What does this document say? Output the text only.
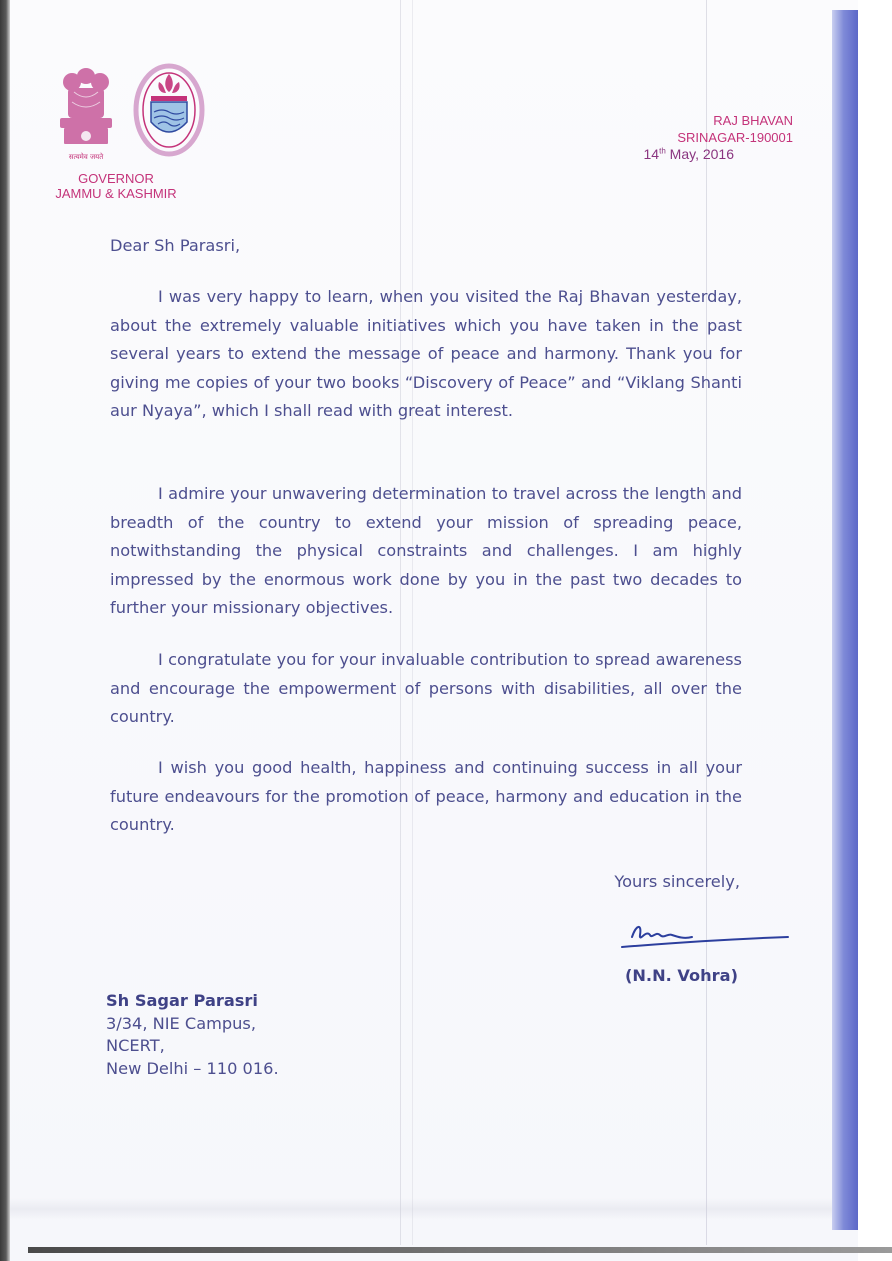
सत्यमेव जयते
GOVERNOR
JAMMU & KASHMIR
RAJ BHAVAN
SRINAGAR-190001
14th May, 2016
Dear Sh Parasri,
I was very happy to learn, when you visited the Raj Bhavan yesterday, about the extremely valuable initiatives which you have taken in the past several years to extend the message of peace and harmony. Thank you for giving me copies of your two books “Discovery of Peace” and “Viklang Shanti aur Nyaya”, which I shall read with great interest.
I admire your unwavering determination to travel across the length and breadth of the country to extend your mission of spreading peace, notwithstanding the physical constraints and challenges. I am highly impressed by the enormous work done by you in the past two decades to further your missionary objectives.
I congratulate you for your invaluable contribution to spread awareness and encourage the empowerment of persons with disabilities, all over the country.
I wish you good health, happiness and continuing success in all your future endeavours for the promotion of peace, harmony and education in the country.
Yours sincerely,
(N.N. Vohra)
Sh Sagar Parasri
3/34, NIE Campus,
NCERT,
New Delhi – 110 016.
